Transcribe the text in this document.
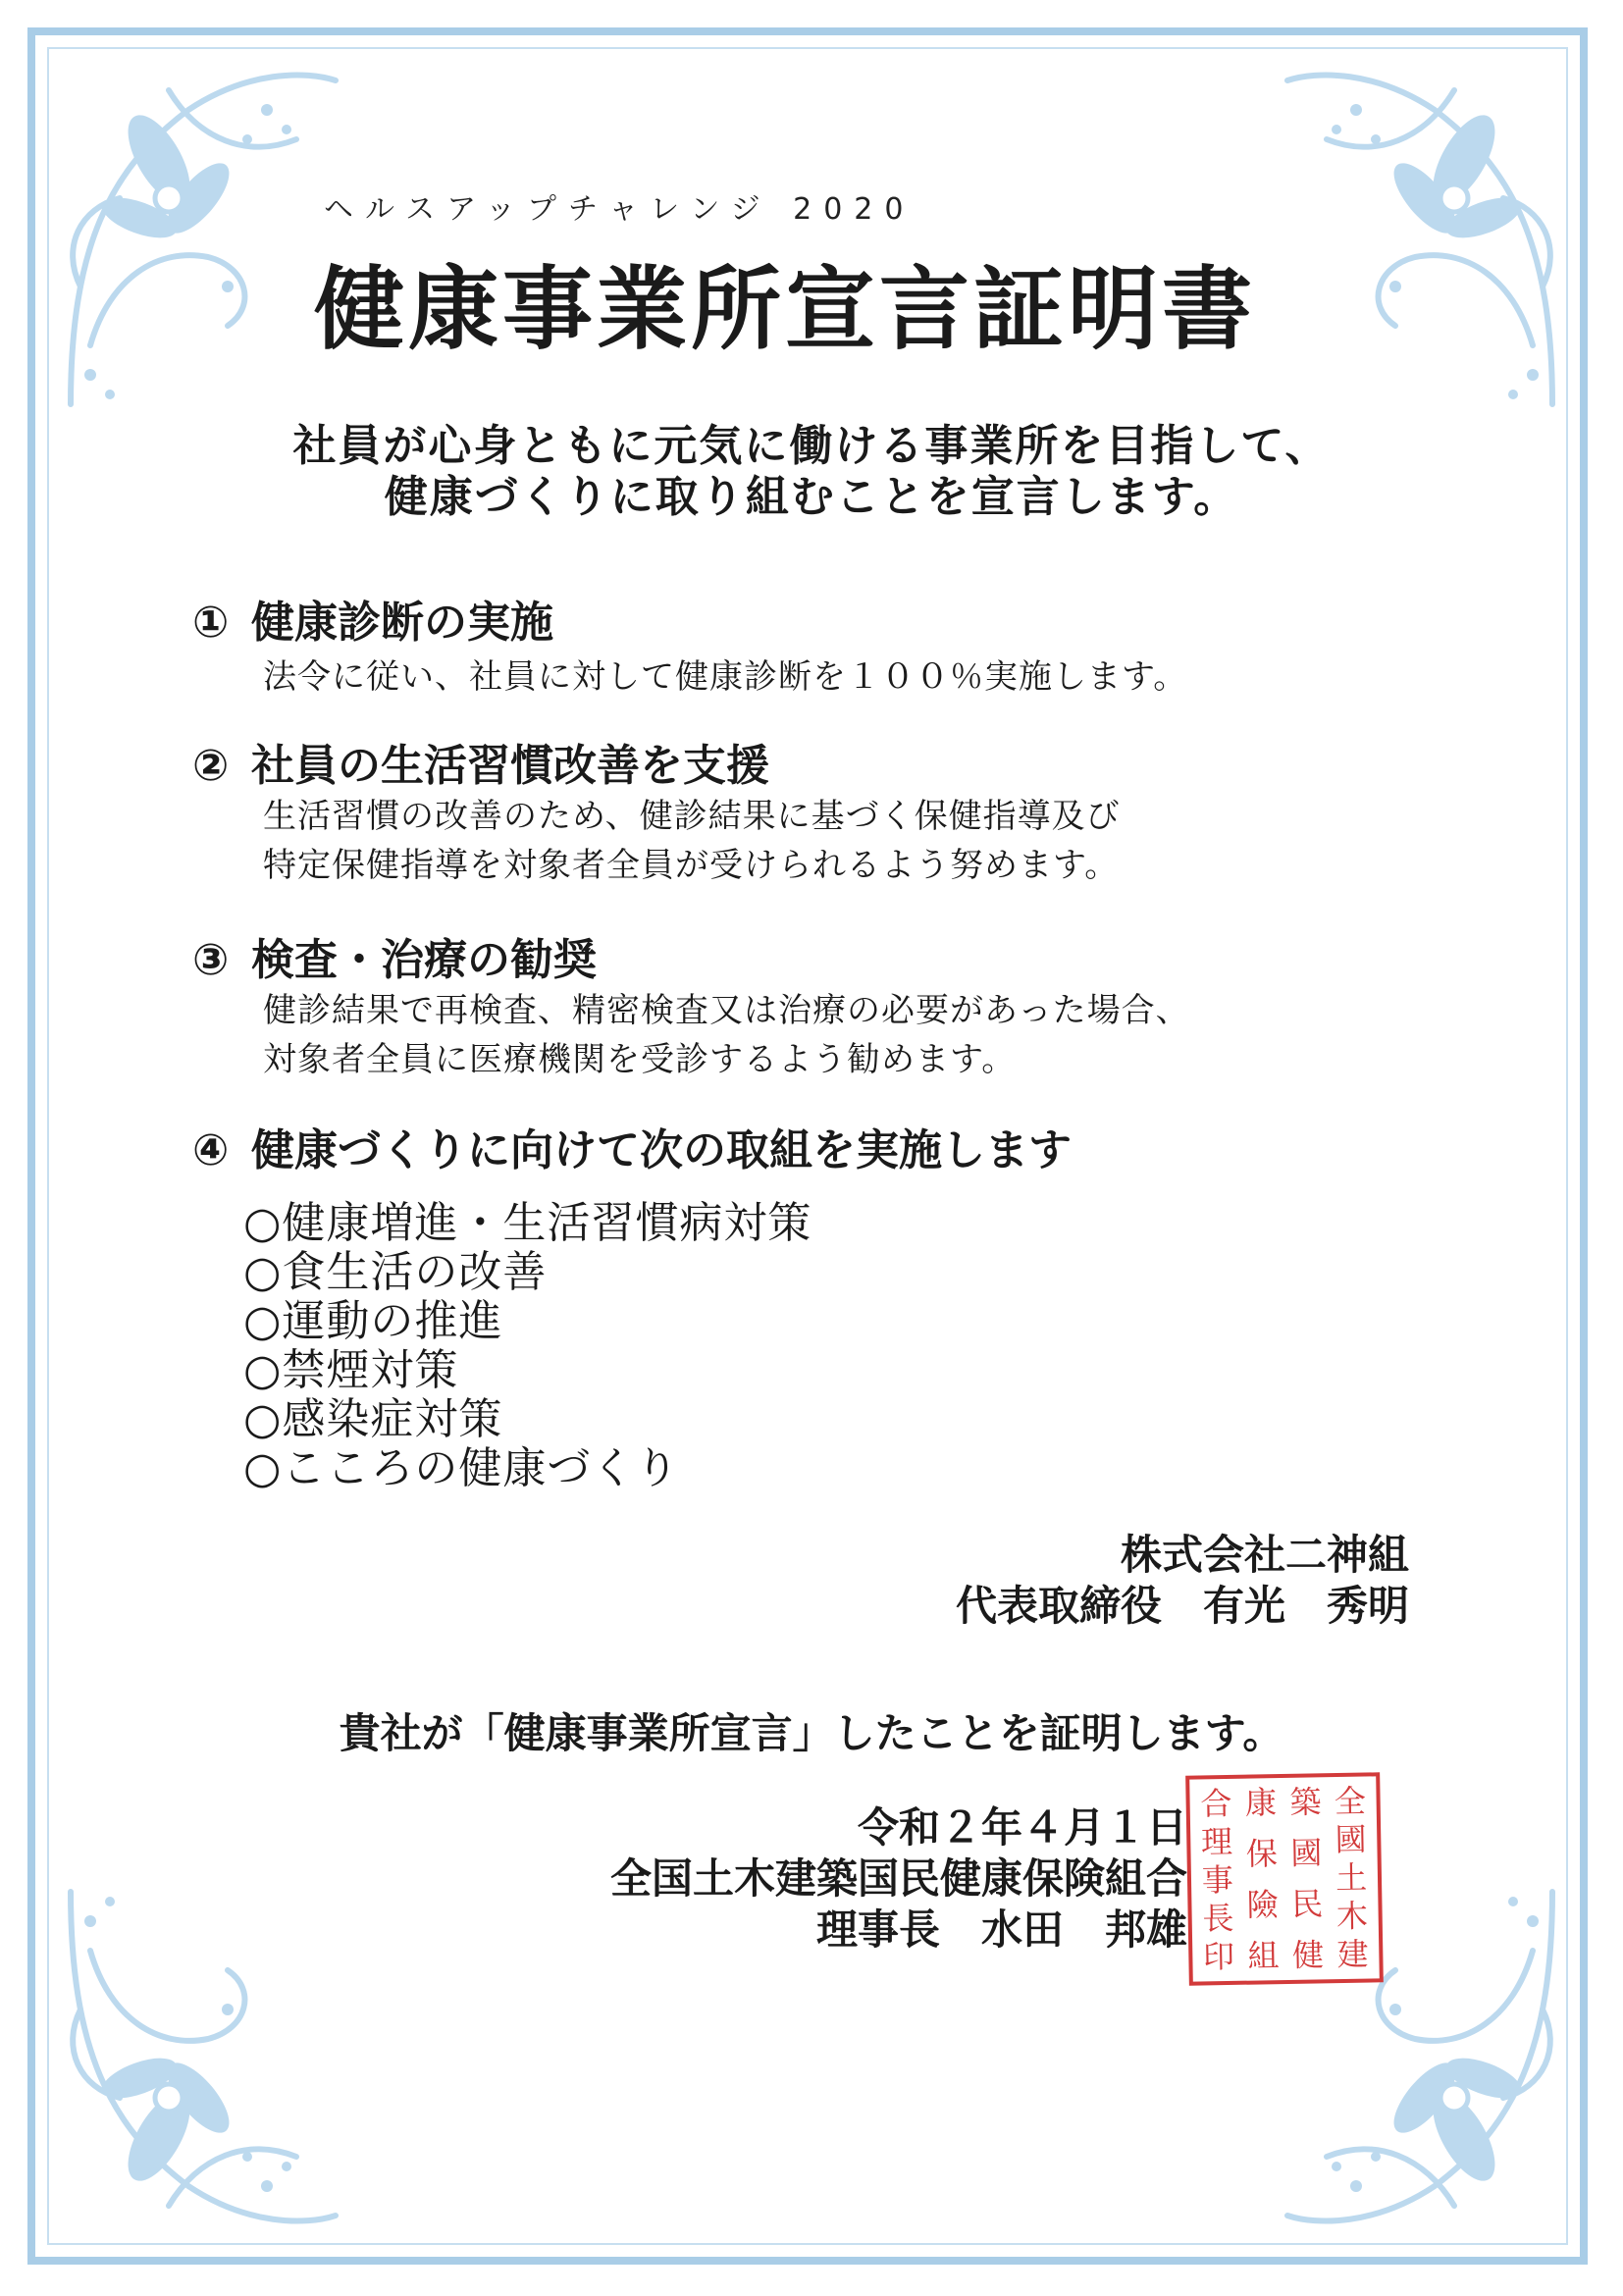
ヘルスアップチャレンジ 2020
健康事業所宣言証明書
社員が心身ともに元気に働ける事業所を目指して、
健康づくりに取り組むことを宣言します。
① 健康診断の実施
法令に従い、社員に対して健康診断を１００％実施します。
② 社員の生活習慣改善を支援
生活習慣の改善のため、健診結果に基づく保健指導及び
特定保健指導を対象者全員が受けられるよう努めます。
③ 検査・治療の勧奨
健診結果で再検査、精密検査又は治療の必要があった場合、
対象者全員に医療機関を受診するよう勧めます。
④ 健康づくりに向けて次の取組を実施します
○健康増進・生活習慣病対策
○食生活の改善
○運動の推進
○禁煙対策
○感染症対策
○こころの健康づくり
株式会社二神組
代表取締役　有光　秀明
貴社が「健康事業所宣言」したことを証明します。
令和２年４月１日
全国土木建築国民健康保険組合
理事長　水田　邦雄
全
國
土
木
建
築
國
民
健
康
保
險
組
合
理
事
長
印
